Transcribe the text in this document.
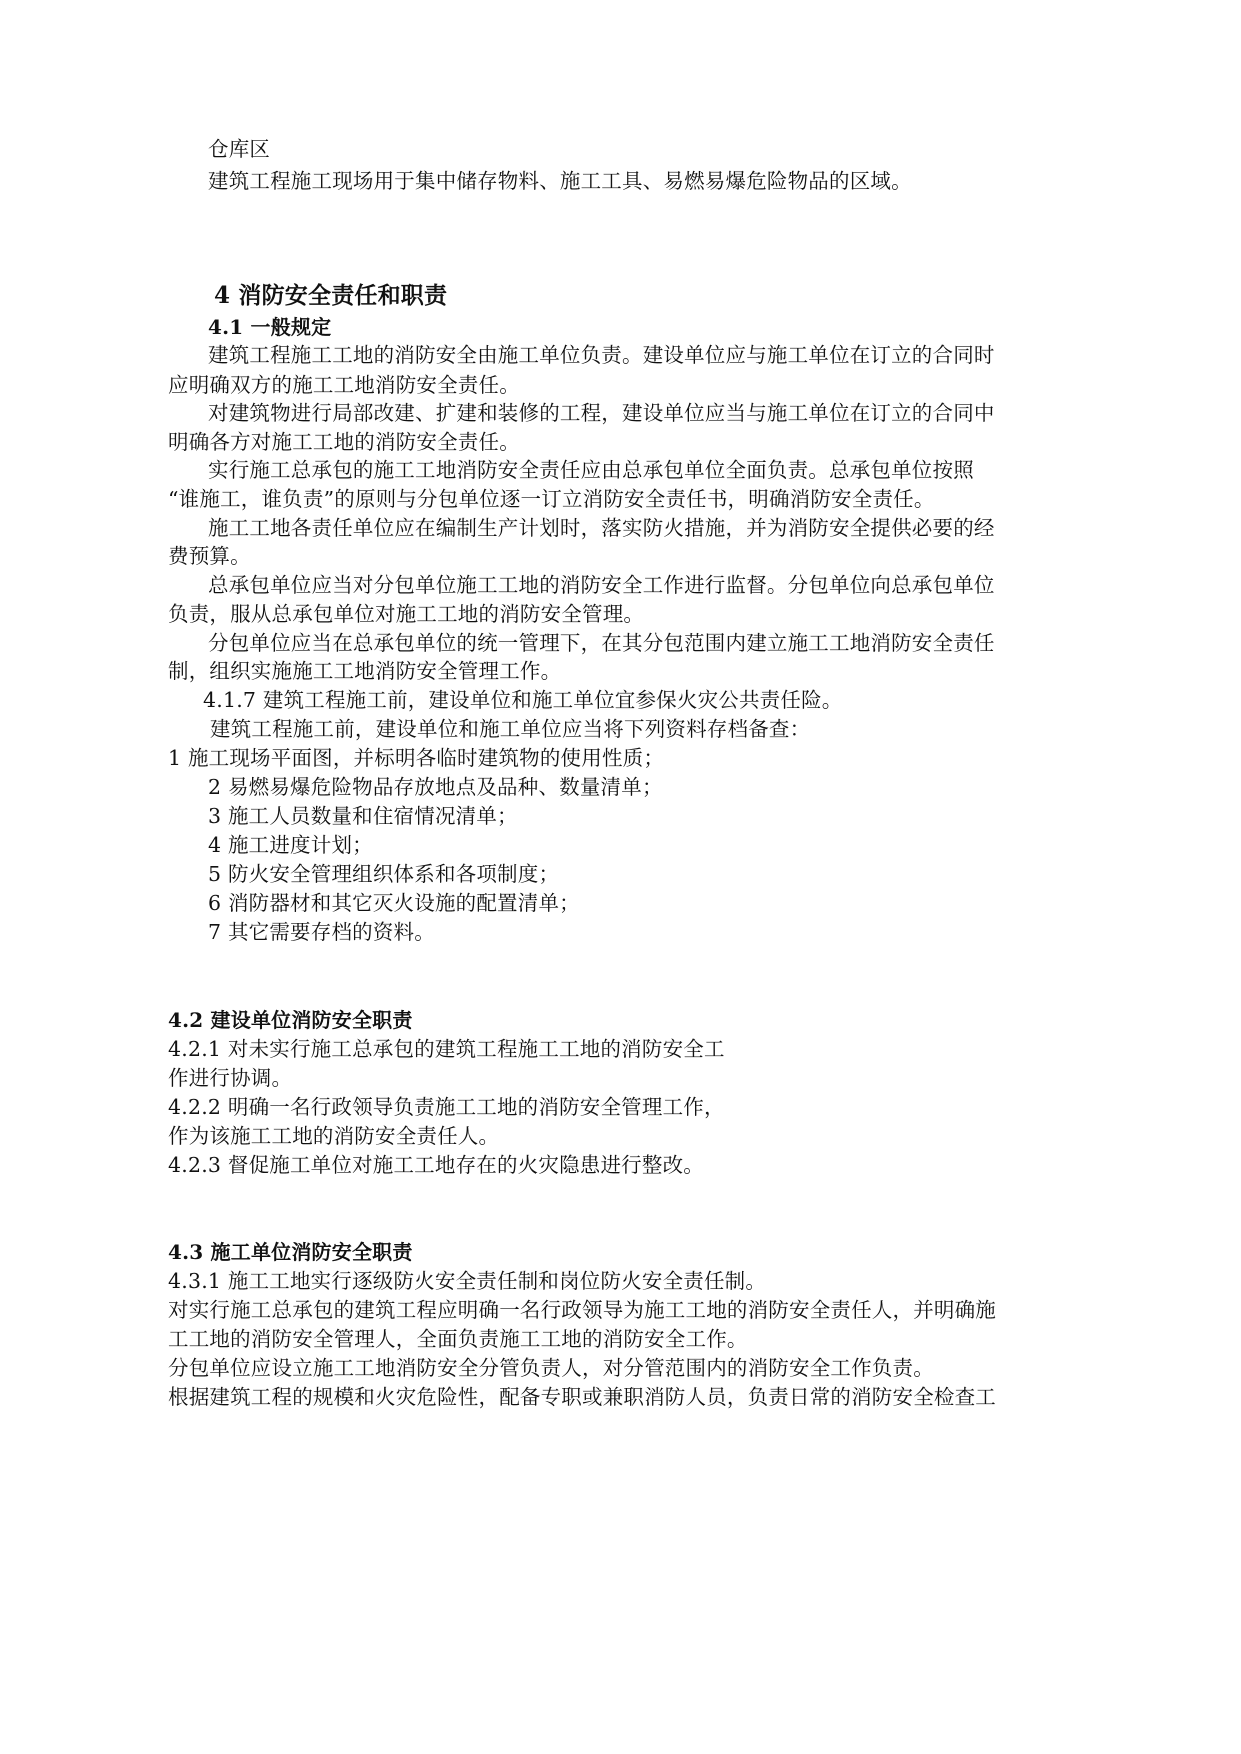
仓库区
建筑工程施工现场用于集中储存物料、施工工具、易燃易爆危险物品的区域。
4 消防安全责任和职责
4.1 一般规定
建筑工程施工工地的消防安全由施工单位负责。建设单位应与施工单位在订立的合同时
应明确双方的施工工地消防安全责任。
对建筑物进行局部改建、扩建和装修的工程，建设单位应当与施工单位在订立的合同中
明确各方对施工工地的消防安全责任。
实行施工总承包的施工工地消防安全责任应由总承包单位全面负责。总承包单位按照
“谁施工，谁负责”的原则与分包单位逐一订立消防安全责任书，明确消防安全责任。
施工工地各责任单位应在编制生产计划时，落实防火措施，并为消防安全提供必要的经
费预算。
总承包单位应当对分包单位施工工地的消防安全工作进行监督。分包单位向总承包单位
负责，服从总承包单位对施工工地的消防安全管理。
分包单位应当在总承包单位的统一管理下，在其分包范围内建立施工工地消防安全责任
制，组织实施施工工地消防安全管理工作。
4.1.7 建筑工程施工前，建设单位和施工单位宜参保火灾公共责任险。
建筑工程施工前，建设单位和施工单位应当将下列资料存档备查：
1 施工现场平面图，并标明各临时建筑物的使用性质；
2 易燃易爆危险物品存放地点及品种、数量清单；
3 施工人员数量和住宿情况清单；
4 施工进度计划；
5 防火安全管理组织体系和各项制度；
6 消防器材和其它灭火设施的配置清单；
7 其它需要存档的资料。
4.2 建设单位消防安全职责
4.2.1 对未实行施工总承包的建筑工程施工工地的消防安全工
作进行协调。
4.2.2 明确一名行政领导负责施工工地的消防安全管理工作，
作为该施工工地的消防安全责任人。
4.2.3 督促施工单位对施工工地存在的火灾隐患进行整改。
4.3 施工单位消防安全职责
4.3.1 施工工地实行逐级防火安全责任制和岗位防火安全责任制。
对实行施工总承包的建筑工程应明确一名行政领导为施工工地的消防安全责任人，并明确施
工工地的消防安全管理人，全面负责施工工地的消防安全工作。
分包单位应设立施工工地消防安全分管负责人，对分管范围内的消防安全工作负责。
根据建筑工程的规模和火灾危险性，配备专职或兼职消防人员，负责日常的消防安全检查工
